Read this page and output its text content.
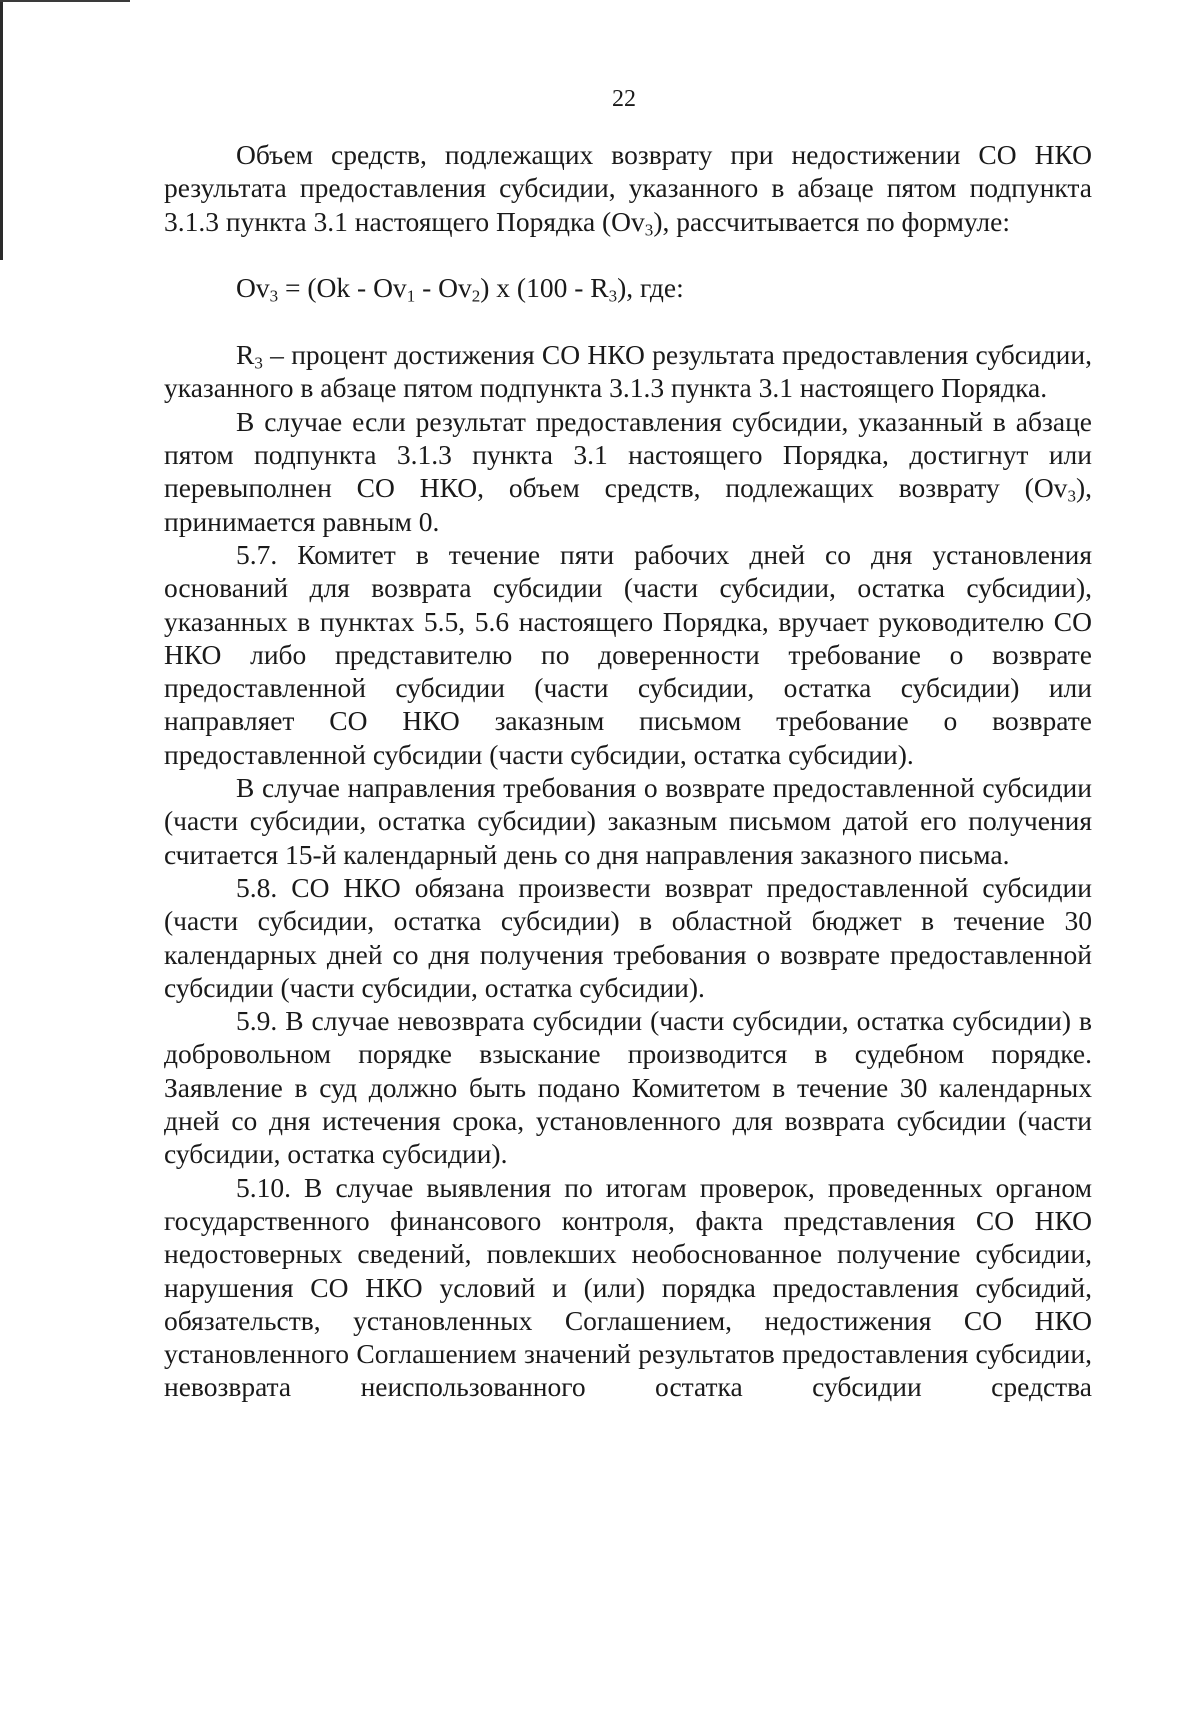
22

Объем средств, подлежащих возврату при недостижении СО НКО результата предоставления субсидии, указанного в абзаце пятом подпункта 3.1.3 пункта 3.1 настоящего Порядка $(Ov_3)$, рассчитывается по формуле:

$Ov_3 = (Ok - Ov_1 - Ov_2)$ x $(100 - R_3)$, где:

$R_3$ – процент достижения СО НКО результата предоставления субсидии, указанного в абзаце пятом подпункта 3.1.3 пункта 3.1 настоящего Порядка.

В случае если результат предоставления субсидии, указанный в абзаце пятом подпункта 3.1.3 пункта 3.1 настоящего Порядка, достигнут или перевыполнен СО НКО, объем средств, подлежащих возврату $(Ov_3)$, принимается равным 0.

5.7. Комитет в течение пяти рабочих дней со дня установления оснований для возврата субсидии (части субсидии, остатка субсидии), указанных в пунктах 5.5, 5.6 настоящего Порядка, вручает руководителю СО НКО либо представителю по доверенности требование о возврате предоставленной субсидии (части субсидии, остатка субсидии) или направляет СО НКО заказным письмом требование о возврате предоставленной субсидии (части субсидии, остатка субсидии).

В случае направления требования о возврате предоставленной субсидии (части субсидии, остатка субсидии) заказным письмом датой его получения считается 15-й календарный день со дня направления заказного письма.

5.8. СО НКО обязана произвести возврат предоставленной субсидии (части субсидии, остатка субсидии) в областной бюджет в течение 30 календарных дней со дня получения требования о возврате предоставленной субсидии (части субсидии, остатка субсидии).

5.9. В случае невозврата субсидии (части субсидии, остатка субсидии) в добровольном порядке взыскание производится в судебном порядке. Заявление в суд должно быть подано Комитетом в течение 30 календарных дней со дня истечения срока, установленного для возврата субсидии (части субсидии, остатка субсидии).

5.10. В случае выявления по итогам проверок, проведенных органом государственного финансового контроля, факта представления СО НКО недостоверных сведений, повлекших необоснованное получение субсидии, нарушения СО НКО условий и (или) порядка предоставления субсидий, обязательств, установленных Соглашением, недостижения СО НКО установленного Соглашением значений результатов предоставления субсидии, невозврата неиспользованного остатка субсидии средства
